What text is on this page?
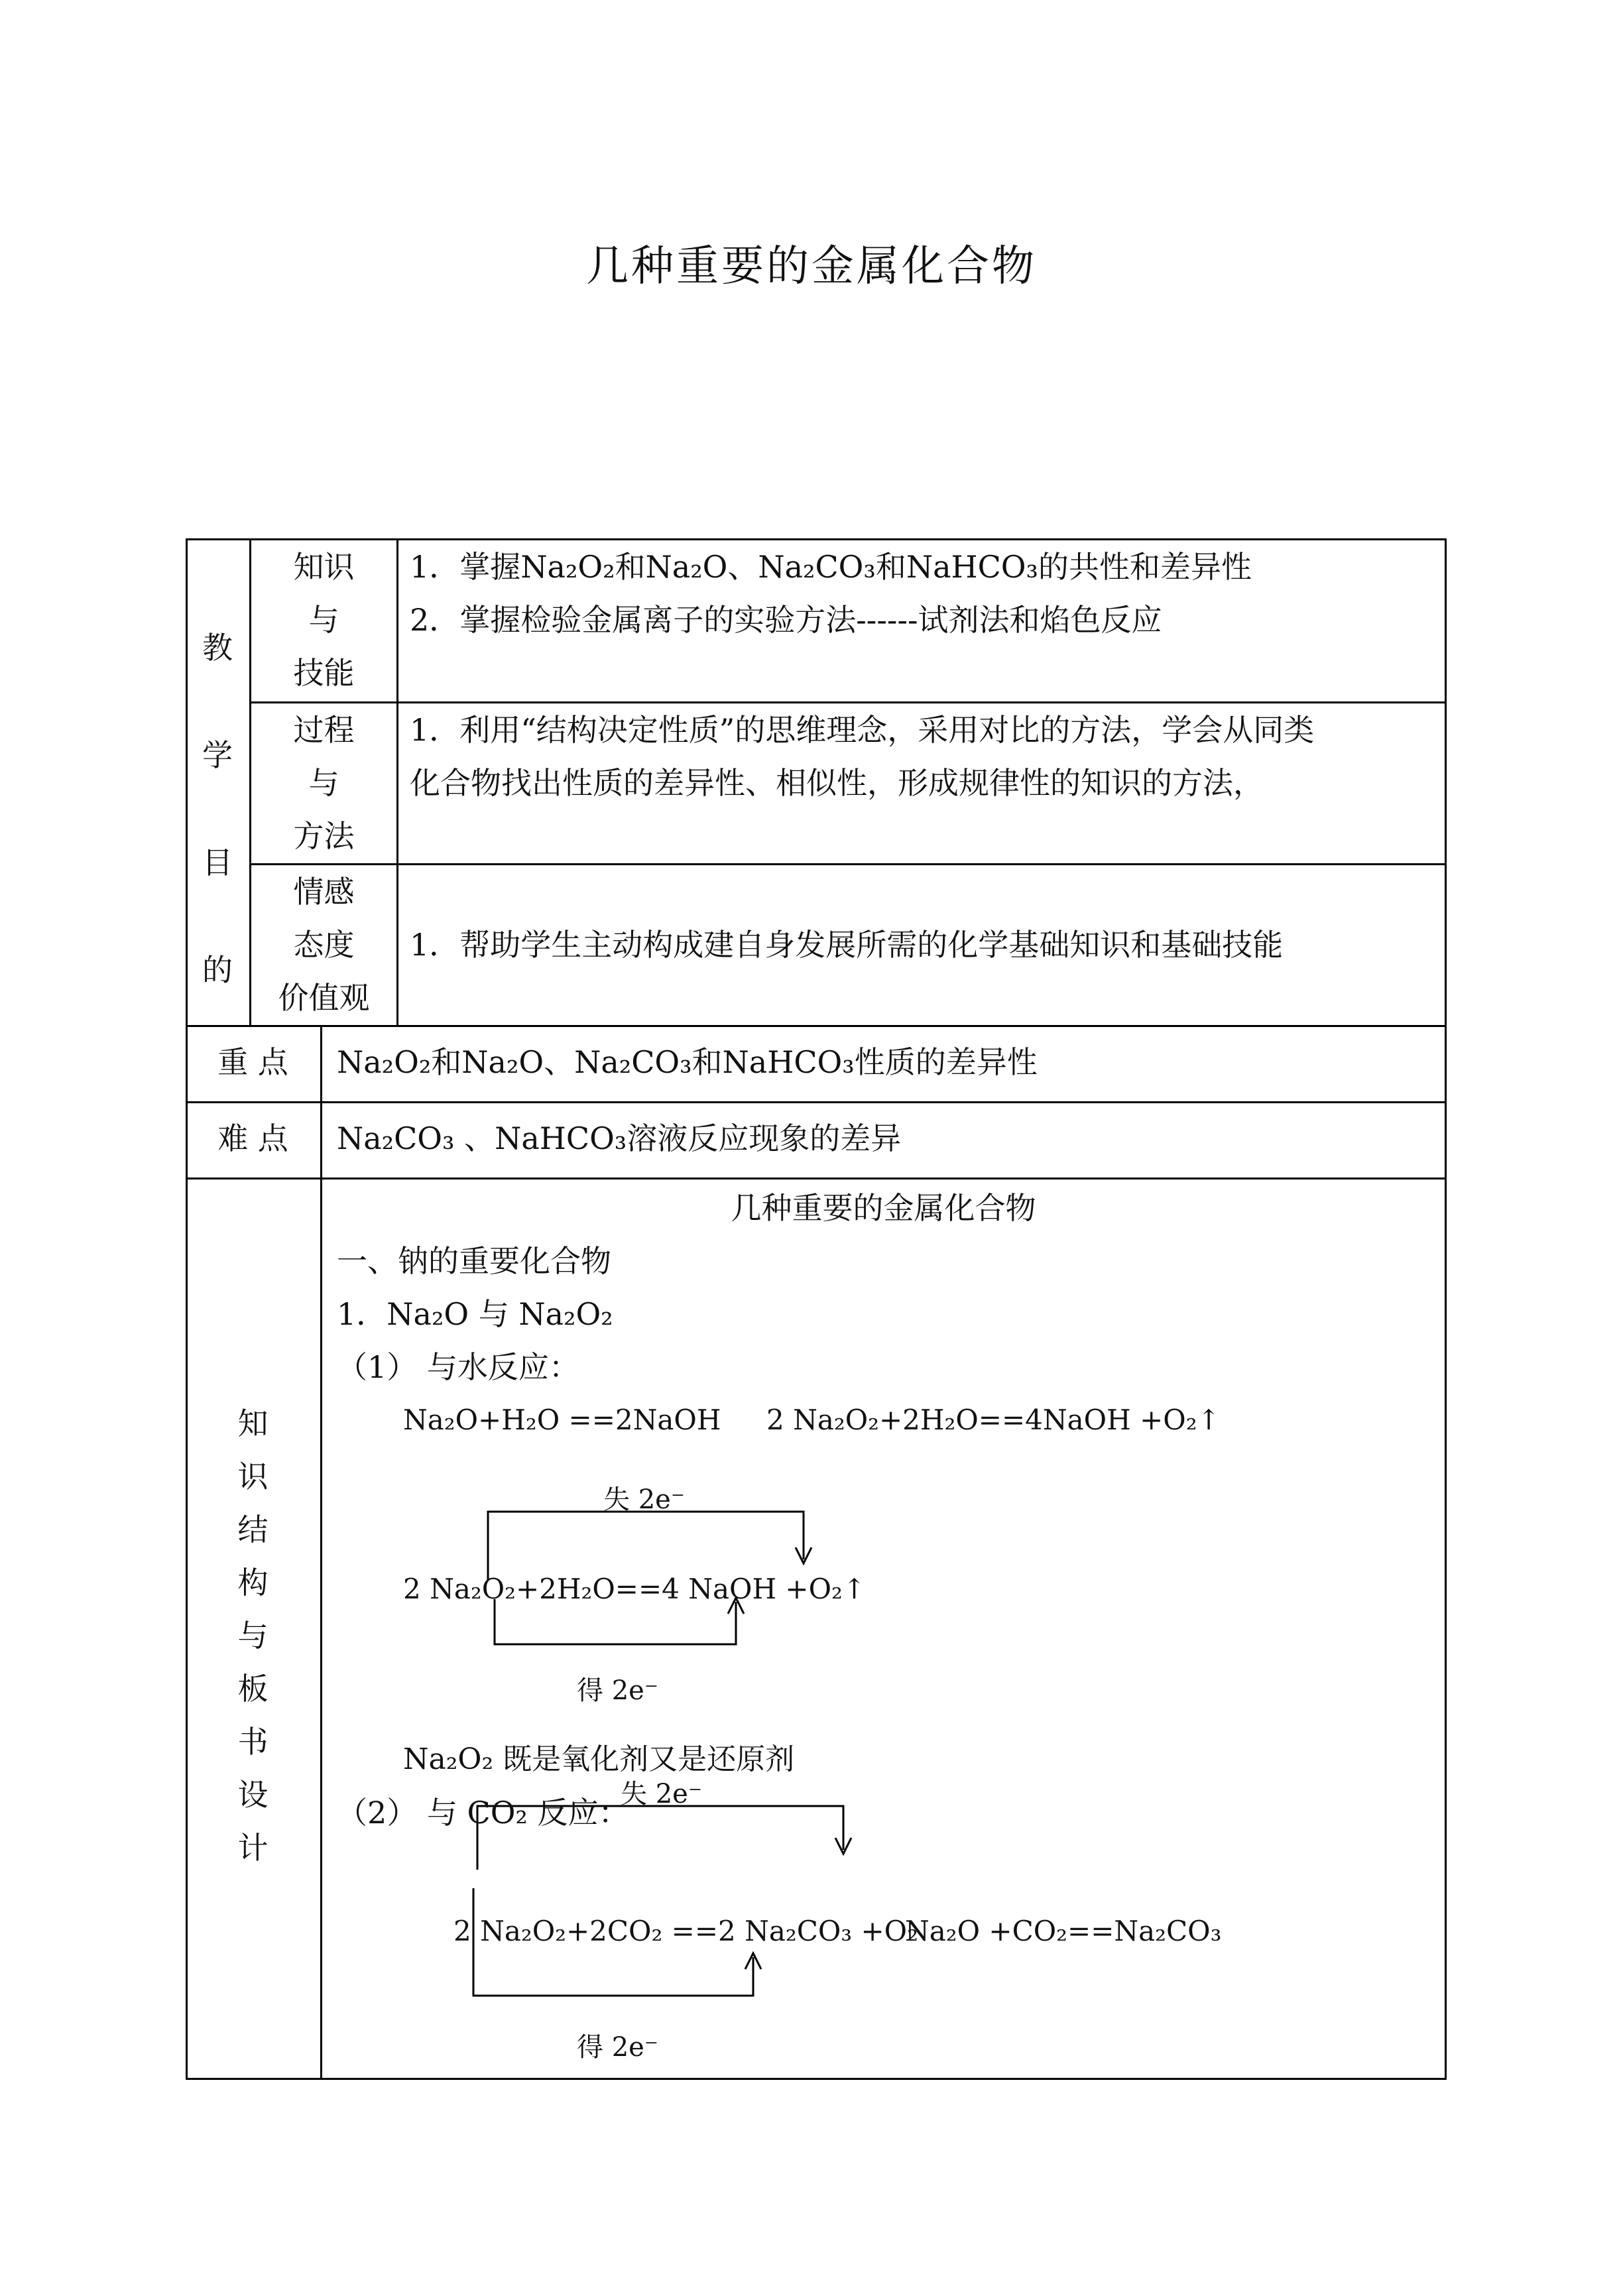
几种重要的金属化合物
教
学
目
的
知识
与
技能
1．掌握Na₂O₂和Na₂O、Na₂CO₃和NaHCO₃的共性和差异性
2．掌握检验金属离子的实验方法------试剂法和焰色反应
过程
与
方法
1．利用“结构决定性质”的思维理念，采用对比的方法，学会从同类
化合物找出性质的差异性、相似性，形成规律性的知识的方法，
情感
态度
价值观
1．帮助学生主动构成建自身发展所需的化学基础知识和基础技能
重 点	Na₂O₂和Na₂O、Na₂CO₃和NaHCO₃性质的差异性
难 点	Na₂CO₃ 、NaHCO₃溶液反应现象的差异
知
识
结
构
与
板
书
设
计
几种重要的金属化合物
一、钠的重要化合物
1．Na₂O 与 Na₂O₂
（1） 与水反应：
Na₂O+H₂O ==2NaOH 2 Na₂O₂+2H₂O==4NaOH +O₂↑
失 2e⁻
2 Na₂O₂+2H₂O==4 NaOH +O₂↑
得 2e⁻
Na₂O₂ 既是氧化剂又是还原剂
（2） 与 CO₂ 反应：
失 2e⁻
2 Na₂O₂+2CO₂ ==2 Na₂CO₃ +O₂
Na₂O +CO₂==Na₂CO₃
得 2e⁻
